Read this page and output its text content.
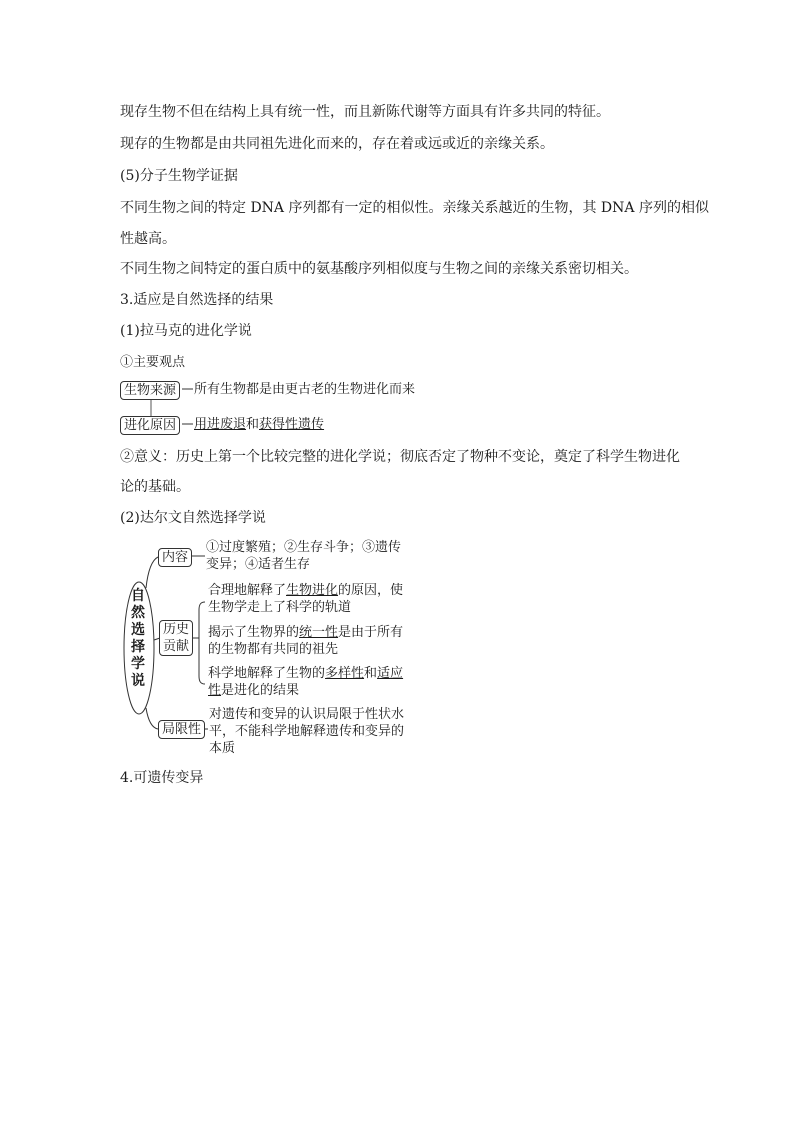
现存生物不但在结构上具有统一性，而且新陈代谢等方面具有许多共同的特征。
现存的生物都是由共同祖先进化而来的，存在着或远或近的亲缘关系。
(5)分子生物学证据
不同生物之间的特定 DNA 序列都有一定的相似性。亲缘关系越近的生物，其 DNA 序列的相似
性越高。
不同生物之间特定的蛋白质中的氨基酸序列相似度与生物之间的亲缘关系密切相关。
3.适应是自然选择的结果
(1)拉马克的进化学说
①主要观点
生物来源	所有生物都是由更古老的生物进化而来
进化原因	用进废退和获得性遗传
②意义：历史上第一个比较完整的进化学说；彻底否定了物种不变论，奠定了科学生物进化
论的基础。
(2)达尔文自然选择学说
自
然
选
择
学
说
内容
①过度繁殖；②生存斗争；③遗传
变异；④适者生存
历史
贡献
合理地解释了生物进化的原因，使
生物学走上了科学的轨道
揭示了生物界的统一性是由于所有
的生物都有共同的祖先
科学地解释了生物的多样性和适应
性是进化的结果
局限性
对遗传和变异的认识局限于性状水
平，不能科学地解释遗传和变异的
本质
4.可遗传变异
